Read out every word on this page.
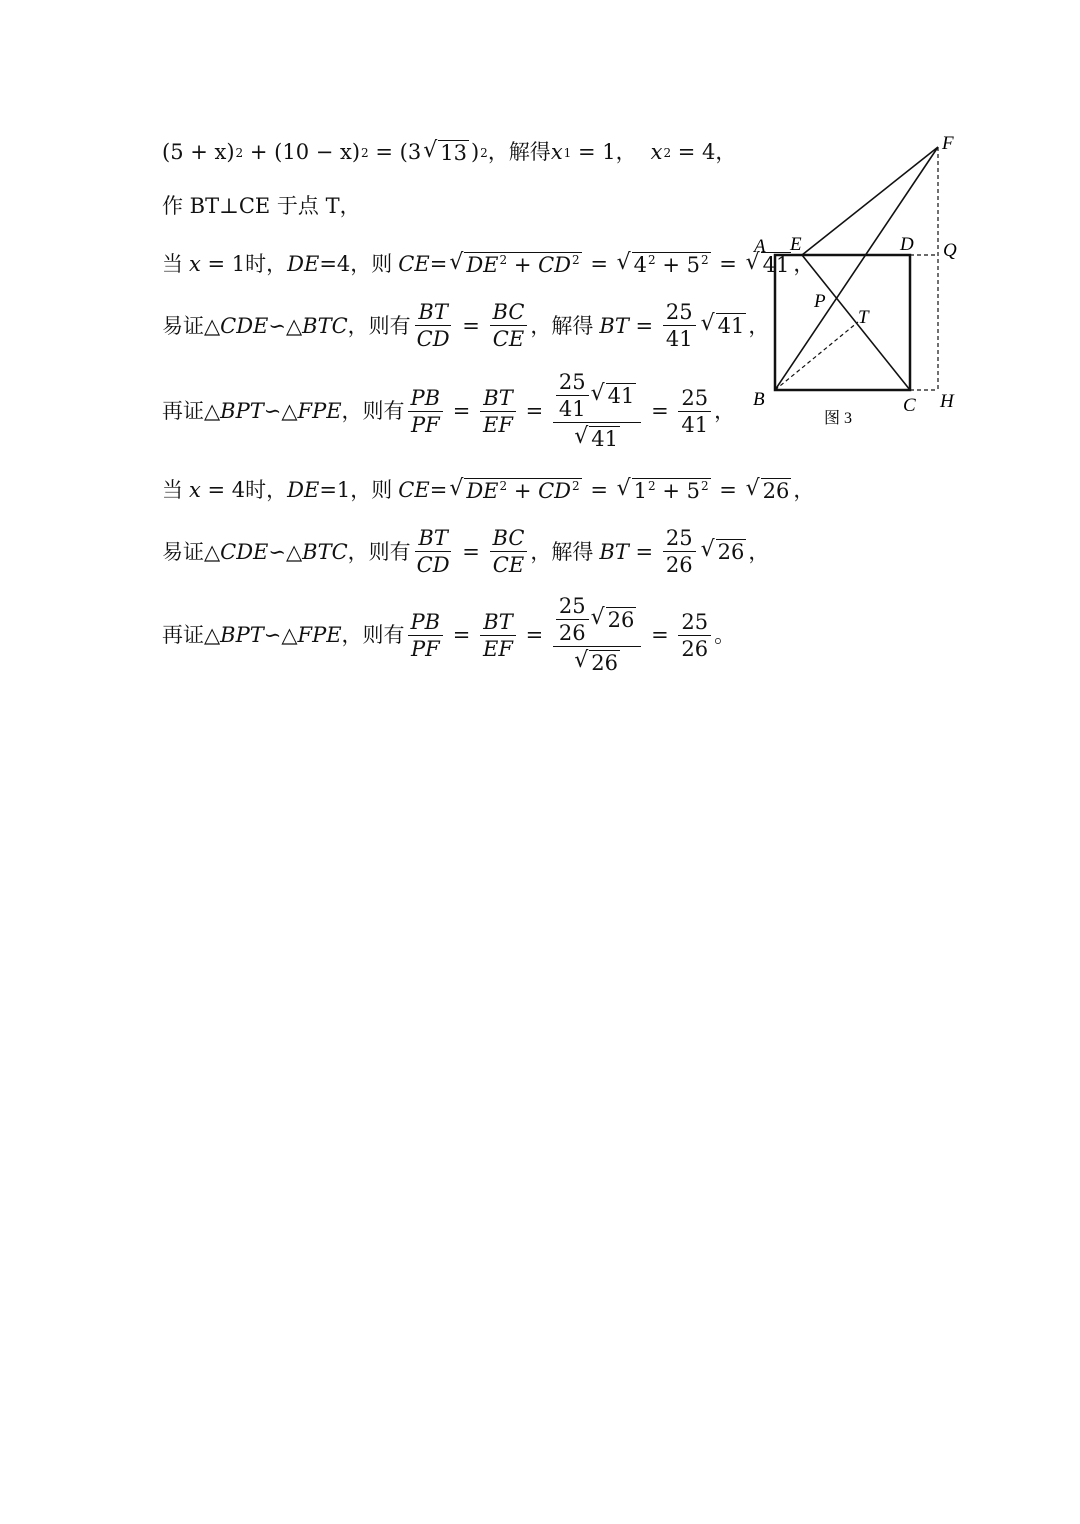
(5 + x) 2 + (10 − x) 2 = (3 √ 13 ) 2 ，解得 x 1 = 1， x 2 = 4，
作 BT⊥CE 于点 T，
当 x = 1 时， DE =4， 则 CE = √ $DE^2 + CD^2$ = √ $4^2 + 5^2$ = √ 41 ，
易证△ CDE ∽ △ BTC ，则有 $\frac{BT}{CD} = \frac{BC}{CE}$ ，解得 BT = $\frac{25}{41}$ √ 41 ，
再证△ BPT ∽ △ FPE ，则有 $\frac{PB}{PF} = \frac{BT}{EF} = \frac{\frac{25}{41} √ 41}{√ 41} = \frac{25}{41}$ ，
当 x = 4 时， DE =1， 则 CE = √ $DE^2 + CD^2$ = √ $1^2 + 5^2$ = √ 26 ，
易证△ CDE ∽ △ BTC ，则有 $\frac{BT}{CD} = \frac{BC}{CE}$ ，解得 BT = $\frac{25}{26}$ √ 26 ，
再证△ BPT ∽ △ FPE ，则有 $\frac{PB}{PF} = \frac{BT}{EF} = \frac{\frac{25}{26} √ 26}{√ 26} = \frac{25}{26}$ 。
F
A E	D Q
P
T
B	C H
图 3
